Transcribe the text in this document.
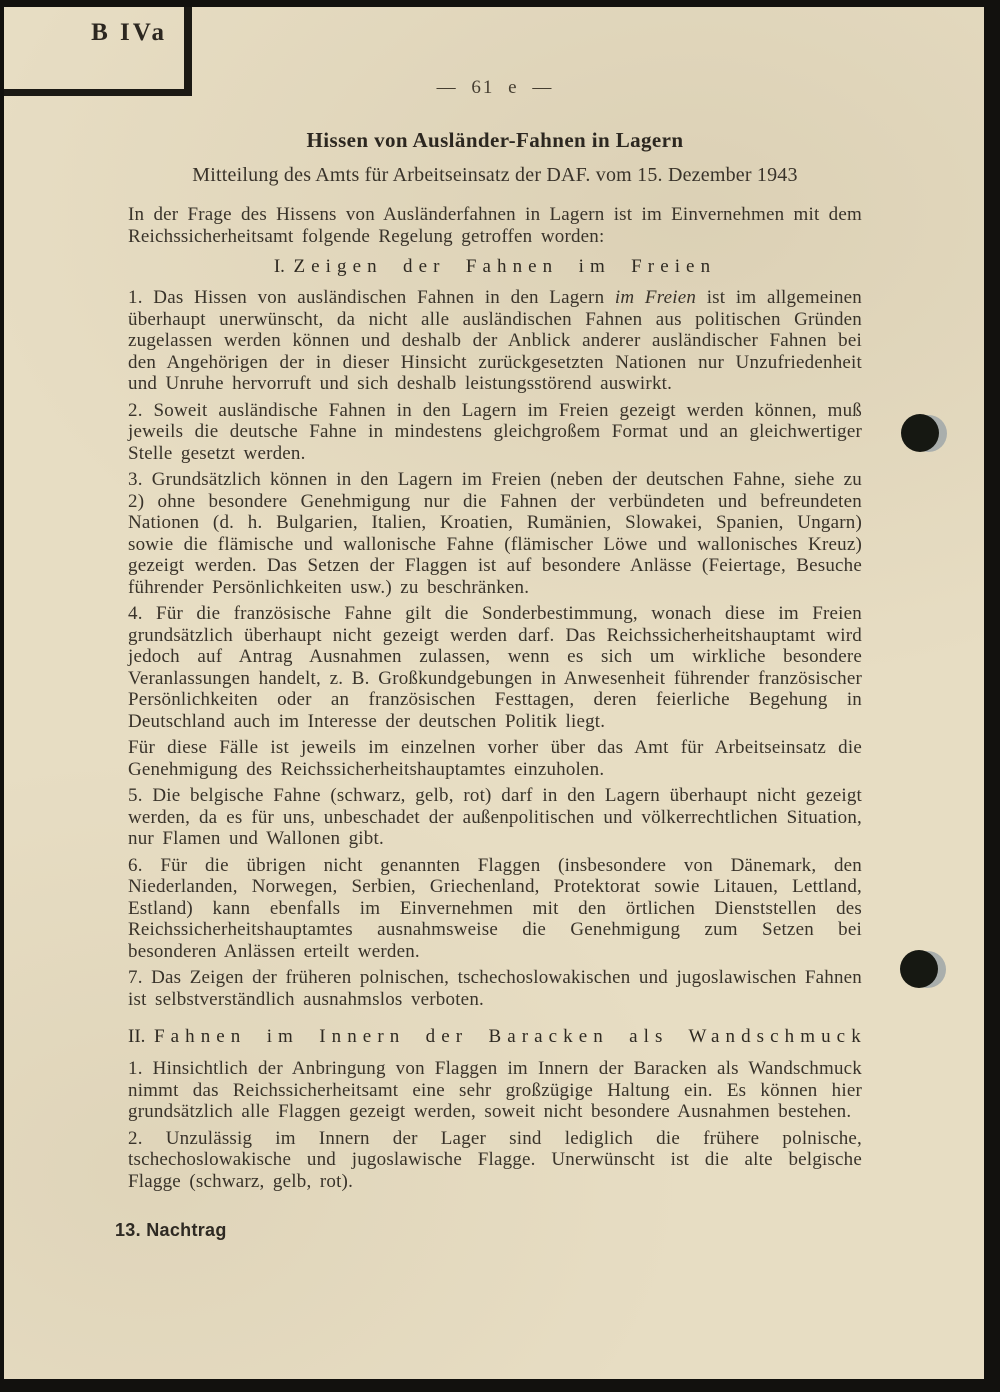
B IVa
— 61 e —
Hissen von Ausländer-Fahnen in Lagern
Mitteilung des Amts für Arbeitseinsatz der DAF. vom 15. Dezember 1943

In der Frage des Hissens von Ausländerfahnen in Lagern ist im Einvernehmen mit dem Reichssicherheitsamt folgende Regelung getroffen worden:

I. Zeigen der Fahnen im Freien

1. Das Hissen von ausländischen Fahnen in den Lagern im Freien ist im allgemeinen überhaupt unerwünscht, da nicht alle ausländischen Fahnen aus politischen Gründen zugelassen werden können und deshalb der Anblick anderer ausländischer Fahnen bei den Angehörigen der in dieser Hinsicht zurückgesetzten Nationen nur Unzufriedenheit und Unruhe hervorruft und sich deshalb leistungsstörend auswirkt.

2. Soweit ausländische Fahnen in den Lagern im Freien gezeigt werden können, muß jeweils die deutsche Fahne in mindestens gleichgroßem Format und an gleichwertiger Stelle gesetzt werden.

3. Grundsätzlich können in den Lagern im Freien (neben der deutschen Fahne, siehe zu 2) ohne besondere Genehmigung nur die Fahnen der verbündeten und befreundeten Nationen (d. h. Bulgarien, Italien, Kroatien, Rumänien, Slowakei, Spanien, Ungarn) sowie die flämische und wallonische Fahne (flämischer Löwe und wallonisches Kreuz) gezeigt werden. Das Setzen der Flaggen ist auf besondere Anlässe (Feiertage, Besuche führender Persönlichkeiten usw.) zu beschränken.

4. Für die französische Fahne gilt die Sonderbestimmung, wonach diese im Freien grundsätzlich überhaupt nicht gezeigt werden darf. Das Reichssicherheitshauptamt wird jedoch auf Antrag Ausnahmen zulassen, wenn es sich um wirkliche besondere Veranlassungen handelt, z. B. Großkundgebungen in Anwesenheit führender französischer Persönlichkeiten oder an französischen Festtagen, deren feierliche Begehung in Deutschland auch im Interesse der deutschen Politik liegt.

Für diese Fälle ist jeweils im einzelnen vorher über das Amt für Arbeitseinsatz die Genehmigung des Reichssicherheitshauptamtes einzuholen.

5. Die belgische Fahne (schwarz, gelb, rot) darf in den Lagern überhaupt nicht gezeigt werden, da es für uns, unbeschadet der außenpolitischen und völkerrechtlichen Situation, nur Flamen und Wallonen gibt.

6. Für die übrigen nicht genannten Flaggen (insbesondere von Dänemark, den Niederlanden, Norwegen, Serbien, Griechenland, Protektorat sowie Litauen, Lettland, Estland) kann ebenfalls im Einvernehmen mit den örtlichen Dienststellen des Reichssicherheitshauptamtes ausnahmsweise die Genehmigung zum Setzen bei besonderen Anlässen erteilt werden.

7. Das Zeigen der früheren polnischen, tschechoslowakischen und jugoslawischen Fahnen ist selbstverständlich ausnahmslos verboten.

II. Fahnen im Innern der Baracken als Wandschmuck

1. Hinsichtlich der Anbringung von Flaggen im Innern der Baracken als Wandschmuck nimmt das Reichssicherheitsamt eine sehr großzügige Haltung ein. Es können hier grundsätzlich alle Flaggen gezeigt werden, soweit nicht besondere Ausnahmen bestehen.

2. Unzulässig im Innern der Lager sind lediglich die frühere polnische, tschechoslowakische und jugoslawische Flagge. Unerwünscht ist die alte belgische Flagge (schwarz, gelb, rot).

13. Nachtrag
